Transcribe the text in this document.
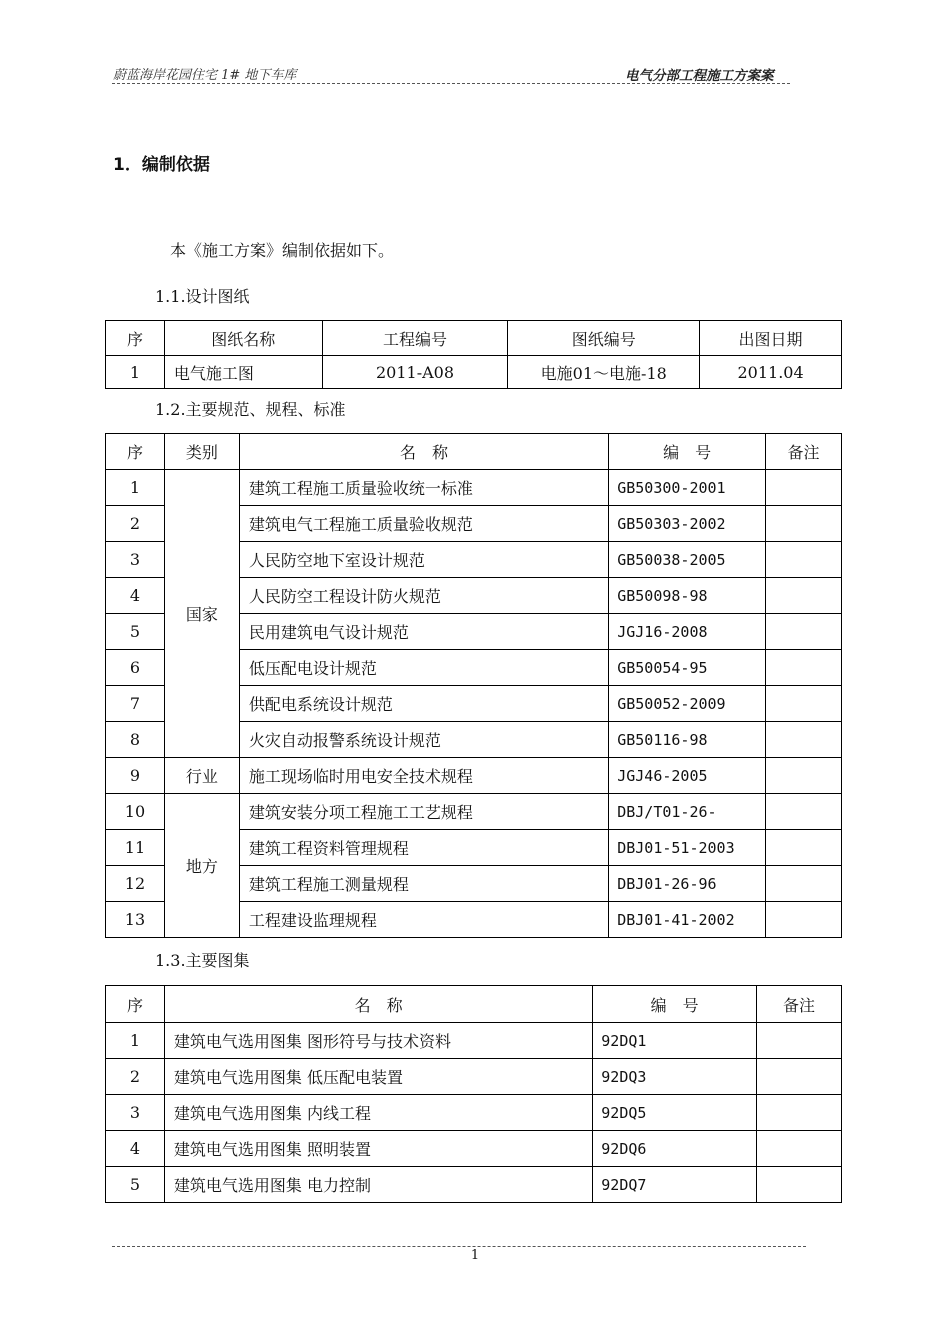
蔚蓝海岸花园住宅 1# 地下车库	电气分部工程施工方案案
1．编制依据
本《施工方案》编制依据如下。
1.1.设计图纸
序	图纸名称	工程编号	图纸编号	出图日期
1	电气施工图	2011-A08	电施01～电施-18	2011.04
1.2.主要规范、规程、标准
序	类别	名　称	编　号	备注
1	国家	建筑工程施工质量验收统一标准	GB50300-2001	
2		建筑电气工程施工质量验收规范	GB50303-2002	
3		人民防空地下室设计规范	GB50038-2005	
4		人民防空工程设计防火规范	GB50098-98	
5		民用建筑电气设计规范	JGJ16-2008	
6		低压配电设计规范	GB50054-95	
7		供配电系统设计规范	GB50052-2009	
8		火灾自动报警系统设计规范	GB50116-98	
9	行业	施工现场临时用电安全技术规程	JGJ46-2005	
10	地方	建筑安装分项工程施工工艺规程	DBJ/T01-26-	
11		建筑工程资料管理规程	DBJ01-51-2003	
12		建筑工程施工测量规程	DBJ01-26-96	
13		工程建设监理规程	DBJ01-41-2002	
1.3.主要图集
序	名　称	编　号	备注
1	建筑电气选用图集 图形符号与技术资料	92DQ1	
2	建筑电气选用图集 低压配电装置	92DQ3	
3	建筑电气选用图集 内线工程	92DQ5	
4	建筑电气选用图集 照明装置	92DQ6	
5	建筑电气选用图集 电力控制	92DQ7	
1
